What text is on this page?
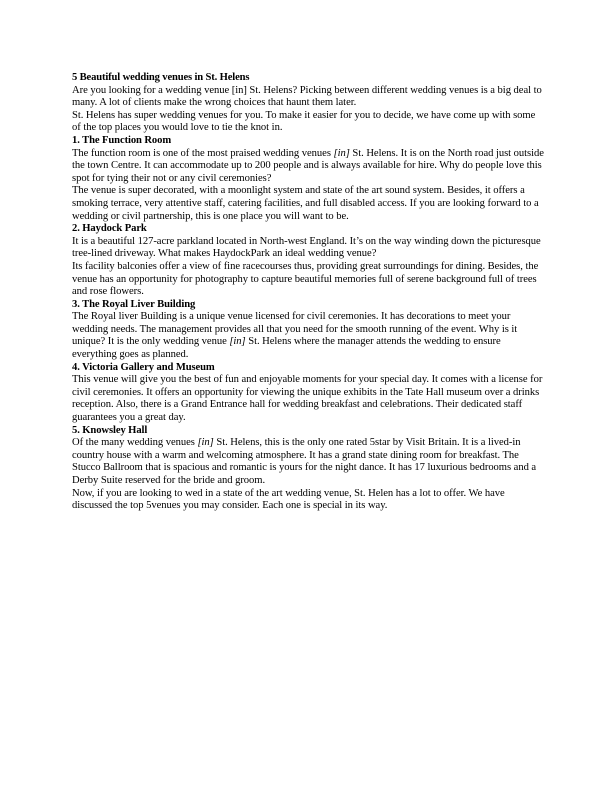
5 Beautiful wedding venues in St. Helens

Are you looking for a wedding venue [in] St. Helens? Picking between different wedding venues is a big deal to many. A lot of clients make the wrong choices that haunt them later.

St. Helens has super wedding venues for you. To make it easier for you to decide, we have come up with some of the top places you would love to tie the knot in.

1. The Function Room

The function room is one of the most praised wedding venues [in] St. Helens. It is on the North road just outside the town Centre. It can accommodate up to 200 people and is always available for hire. Why do people love this spot for tying their not or any civil ceremonies?

The venue is super decorated, with a moonlight system and state of the art sound system. Besides, it offers a smoking terrace, very attentive staff, catering facilities, and full disabled access. If you are looking forward to a wedding or civil partnership, this is one place you will want to be.

2. Haydock Park

It is a beautiful 127-acre parkland located in North-west England. It’s on the way winding down the picturesque tree-lined driveway. What makes HaydockPark an ideal wedding venue?

Its facility balconies offer a view of fine racecourses thus, providing great surroundings for dining. Besides, the venue has an opportunity for photography to capture beautiful memories full of serene background full of trees and rose flowers.

3. The Royal Liver Building

The Royal liver Building is a unique venue licensed for civil ceremonies. It has decorations to meet your wedding needs. The management provides all that you need for the smooth running of the event. Why is it unique? It is the only wedding venue [in] St. Helens where the manager attends the wedding to ensure everything goes as planned.

4. Victoria Gallery and Museum

This venue will give you the best of fun and enjoyable moments for your special day. It comes with a license for civil ceremonies. It offers an opportunity for viewing the unique exhibits in the Tate Hall museum over a drinks reception. Also, there is a Grand Entrance hall for wedding breakfast and celebrations. Their dedicated staff guarantees you a great day.

5. Knowsley Hall

Of the many wedding venues [in] St. Helens, this is the only one rated 5star by Visit Britain. It is a lived-in country house with a warm and welcoming atmosphere. It has a grand state dining room for breakfast. The Stucco Ballroom that is spacious and romantic is yours for the night dance. It has 17 luxurious bedrooms and a Derby Suite reserved for the bride and groom.

Now, if you are looking to wed in a state of the art wedding venue, St. Helen has a lot to offer. We have discussed the top 5venues you may consider. Each one is special in its way.
